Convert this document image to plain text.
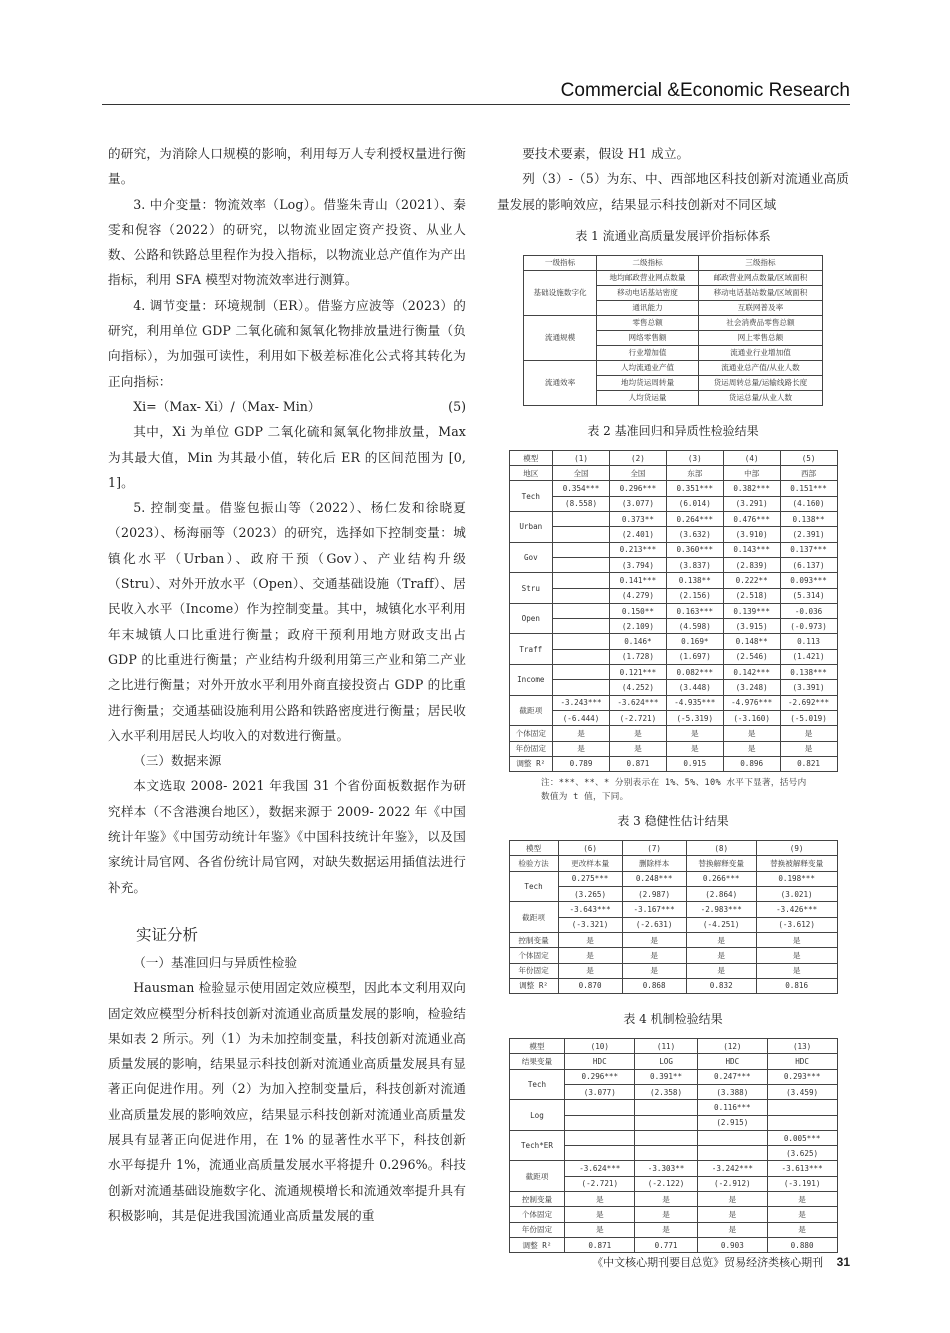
Commercial &Economic Research

的研究，为消除人口规模的影响，利用每万人专利授权量进行衡量。

3. 中介变量：物流效率（Log）。借鉴朱青山（2021）、秦雯和倪容（2022）的研究，以物流业固定资产投资、从业人数、公路和铁路总里程作为投入指标，以物流业总产值作为产出指标，利用 SFA 模型对物流效率进行测算。

4. 调节变量：环境规制（ER）。借鉴方应波等（2023）的研究，利用单位 GDP 二氧化硫和氮氧化物排放量进行衡量（负向指标），为加强可读性，利用如下极差标准化公式将其转化为正向指标：

Xi=（Max- Xi）/（Max- Min）	(5)

其中，Xi 为单位 GDP 二氧化硫和氮氧化物排放量，Max 为其最大值，Min 为其最小值，转化后 ER 的区间范围为 [0, 1]。

5. 控制变量。借鉴包振山等（2022）、杨仁发和徐晓夏（2023）、杨海丽等（2023）的研究，选择如下控制变量：城镇化水平（Urban）、政府干预（Gov）、产业结构升级（Stru）、对外开放水平（Open）、交通基础设施（Traff）、居民收入水平（Income）作为控制变量。其中，城镇化水平利用年末城镇人口比重进行衡量；政府干预利用地方财政支出占 GDP 的比重进行衡量；产业结构升级利用第三产业和第二产业之比进行衡量；对外开放水平利用外商直接投资占 GDP 的比重进行衡量；交通基础设施利用公路和铁路密度进行衡量；居民收入水平利用居民人均收入的对数进行衡量。

（三）数据来源

本文选取 2008- 2021 年我国 31 个省份面板数据作为研究样本（不含港澳台地区），数据来源于 2009- 2022 年《中国统计年鉴》《中国劳动统计年鉴》《中国科技统计年鉴》，以及国家统计局官网、各省份统计局官网，对缺失数据运用插值法进行补充。

实证分析

（一）基准回归与异质性检验

Hausman 检验显示使用固定效应模型，因此本文利用双向固定效应模型分析科技创新对流通业高质量发展的影响，检验结果如表 2 所示。列（1）为未加控制变量，科技创新对流通业高质量发展的影响，结果显示科技创新对流通业高质量发展具有显著正向促进作用。列（2）为加入控制变量后，科技创新对流通业高质量发展的影响效应，结果显示科技创新对流通业高质量发展具有显著正向促进作用，在 1% 的显著性水平下，科技创新水平每提升 1%，流通业高质量发展水平将提升 0.296%。科技创新对流通基础设施数字化、流通规模增长和流通效率提升具有积极影响，其是促进我国流通业高质量发展的重

要技术要素，假设 H1 成立。

列（3）-（5）为东、中、西部地区科技创新对流通业高质量发展的影响效应，结果显示科技创新对不同区域

表 1 流通业高质量发展评价指标体系
一级指标	二级指标	三级指标
基础设施数字化	地均邮政营业网点数量	邮政营业网点数量/区域面积
	移动电话基站密度	移动电话基站数量/区域面积
	通讯能力	互联网普及率
流通规模	零售总额	社会消费品零售总额
	网络零售额	网上零售总额
	行业增加值	流通业行业增加值
流通效率	人均流通业产值	流通业总产值/从业人数
	地均货运周转量	货运周转总量/运输线路长度
	人均货运量	货运总量/从业人数
表 2 基准回归和异质性检验结果
模型	(1)	(2)	(3)	(4)	(5)
地区	全国	全国	东部	中部	西部
Tech	0.354***	0.296***	0.351***	0.382***	0.151***
	(8.558)	(3.077)	(6.014)	(3.291)	(4.160)
Urban		0.373**	0.264***	0.476***	0.138**
		(2.401)	(3.632)	(3.910)	(2.391)
Gov		0.213***	0.360***	0.143***	0.137***
		(3.794)	(3.837)	(2.839)	(6.137)
Stru		0.141***	0.138**	0.222**	0.093***
		(4.279)	(2.156)	(2.518)	(5.314)
Open		0.150**	0.163***	0.139***	-0.036
		(2.109)	(4.598)	(3.915)	(-0.973)
Traff		0.146*	0.169*	0.148**	0.113
		(1.728)	(1.697)	(2.546)	(1.421)
Income		0.121***	0.082***	0.142***	0.138***
		(4.252)	(3.448)	(3.248)	(3.391)
截距项	-3.243***	-3.624***	-4.935***	-4.976***	-2.692***
	(-6.444)	(-2.721)	(-5.319)	(-3.160)	(-5.019)
个体固定	是	是	是	是	是
年份固定	是	是	是	是	是
调整 R²	0.789	0.871	0.915	0.896	0.821
注：***、**、* 分别表示在 1%、5%、10% 水平下显著，括号内
数值为 t 值，下同。
表 3 稳健性估计结果
模型	(6)	(7)	(8)	(9)
检验方法	更改样本量	删除样本	替换解释变量	替换被解释变量
Tech	0.275***	0.248***	0.266***	0.198***
	(3.265)	(2.987)	(2.864)	(3.021)
截距项	-3.643***	-3.167***	-2.983***	-3.426***
	(-3.321)	(-2.631)	(-4.251)	(-3.612)
控制变量	是	是	是	是
个体固定	是	是	是	是
年份固定	是	是	是	是
调整 R²	0.870	0.868	0.832	0.816
表 4 机制检验结果
模型	(10)	(11)	(12)	(13)
结果变量	HDC	LOG	HDC	HDC
Tech	0.296***	0.391**	0.247***	0.293***
	(3.077)	(2.358)	(3.388)	(3.459)
Log			0.116***	
			(2.915)	
Tech*ER				0.005***
				(3.625)
截距项	-3.624***	-3.303**	-3.242***	-3.613***
	(-2.721)	(-2.122)	(-2.912)	(-3.191)
控制变量	是	是	是	是
个体固定	是	是	是	是
年份固定	是	是	是	是
调整 R²	0.871	0.771	0.903	0.880
《中文核心期刊要目总览》贸易经济类核心期刊 31
